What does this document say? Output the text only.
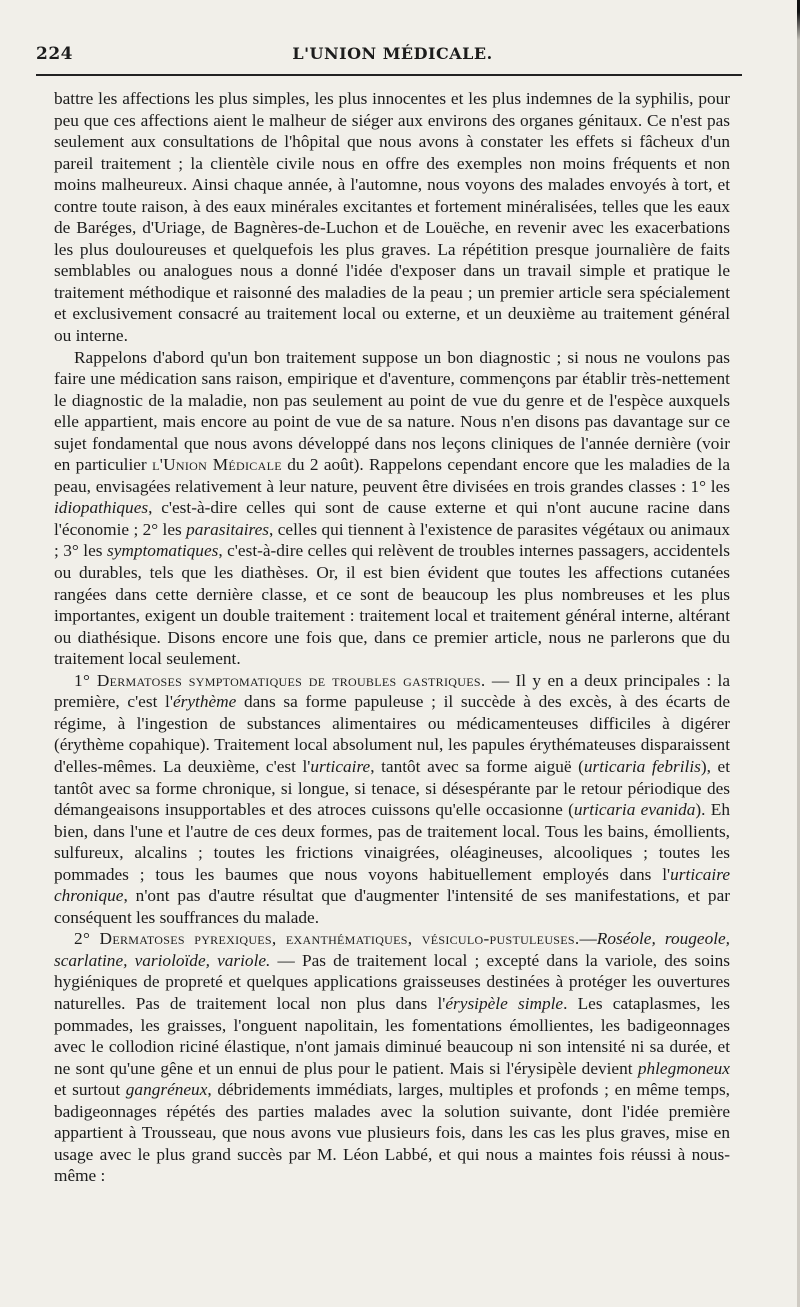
224	L'UNION MÉDICALE.

battre les affections les plus simples, les plus innocentes et les plus indemnes de la syphilis, pour peu que ces affections aient le malheur de siéger aux environs des organes génitaux. Ce n'est pas seulement aux consultations de l'hôpital que nous avons à constater les effets si fâcheux d'un pareil traitement ; la clientèle civile nous en offre des exemples non moins fréquents et non moins malheureux. Ainsi chaque année, à l'automne, nous voyons des malades envoyés à tort, et contre toute raison, à des eaux minérales excitantes et fortement minéralisées, telles que les eaux de Baréges, d'Uriage, de Bagnères-de-Luchon et de Louëche, en revenir avec les exacerbations les plus douloureuses et quelquefois les plus graves. La répétition presque journalière de faits semblables ou analogues nous a donné l'idée d'exposer dans un travail simple et pratique le traitement méthodique et raisonné des maladies de la peau ; un premier article sera spécialement et exclusivement consacré au traitement local ou externe, et un deuxième au traitement général ou interne.

Rappelons d'abord qu'un bon traitement suppose un bon diagnostic ; si nous ne voulons pas faire une médication sans raison, empirique et d'aventure, commençons par établir très-nettement le diagnostic de la maladie, non pas seulement au point de vue du genre et de l'espèce auxquels elle appartient, mais encore au point de vue de sa nature. Nous n'en disons pas davantage sur ce sujet fondamental que nous avons développé dans nos leçons cliniques de l'année dernière (voir en particulier l'Union Médicale du 2 août). Rappelons cependant encore que les maladies de la peau, envisagées relativement à leur nature, peuvent être divisées en trois grandes classes : 1° les idiopathiques, c'est-à-dire celles qui sont de cause externe et qui n'ont aucune racine dans l'économie ; 2° les parasitaires, celles qui tiennent à l'existence de parasites végétaux ou animaux ; 3° les symptomatiques, c'est-à-dire celles qui relèvent de troubles internes passagers, accidentels ou durables, tels que les diathèses. Or, il est bien évident que toutes les affections cutanées rangées dans cette dernière classe, et ce sont de beaucoup les plus nombreuses et les plus importantes, exigent un double traitement : traitement local et traitement général interne, altérant ou diathésique. Disons encore une fois que, dans ce premier article, nous ne parlerons que du traitement local seulement.

1° Dermatoses symptomatiques de troubles gastriques. — Il y en a deux principales : la première, c'est l'érythème dans sa forme papuleuse ; il succède à des excès, à des écarts de régime, à l'ingestion de substances alimentaires ou médicamenteuses difficiles à digérer (érythème copahique). Traitement local absolument nul, les papules érythémateuses disparaissent d'elles-mêmes. La deuxième, c'est l'urticaire, tantôt avec sa forme aiguë (urticaria febrilis), et tantôt avec sa forme chronique, si longue, si tenace, si désespérante par le retour périodique des démangeaisons insupportables et des atroces cuissons qu'elle occasionne (urticaria evanida). Eh bien, dans l'une et l'autre de ces deux formes, pas de traitement local. Tous les bains, émollients, sulfureux, alcalins ; toutes les frictions vinaigrées, oléagineuses, alcooliques ; toutes les pommades ; tous les baumes que nous voyons habituellement employés dans l'urticaire chronique, n'ont pas d'autre résultat que d'augmenter l'intensité de ses manifestations, et par conséquent les souffrances du malade.

2° Dermatoses pyrexiques, exanthématiques, vésiculo-pustuleuses.—Roséole, rougeole, scarlatine, varioloïde, variole. — Pas de traitement local ; excepté dans la variole, des soins hygiéniques de propreté et quelques applications graisseuses destinées à protéger les ouvertures naturelles. Pas de traitement local non plus dans l'érysipèle simple. Les cataplasmes, les pommades, les graisses, l'onguent napolitain, les fomentations émollientes, les badigeonnages avec le collodion riciné élastique, n'ont jamais diminué beaucoup ni son intensité ni sa durée, et ne sont qu'une gêne et un ennui de plus pour le patient. Mais si l'érysipèle devient phlegmoneux et surtout gangréneux, débridements immédiats, larges, multiples et profonds ; en même temps, badigeonnages répétés des parties malades avec la solution suivante, dont l'idée première appartient à Trousseau, que nous avons vue plusieurs fois, dans les cas les plus graves, mise en usage avec le plus grand succès par M. Léon Labbé, et qui nous a maintes fois réussi à nous-même :
